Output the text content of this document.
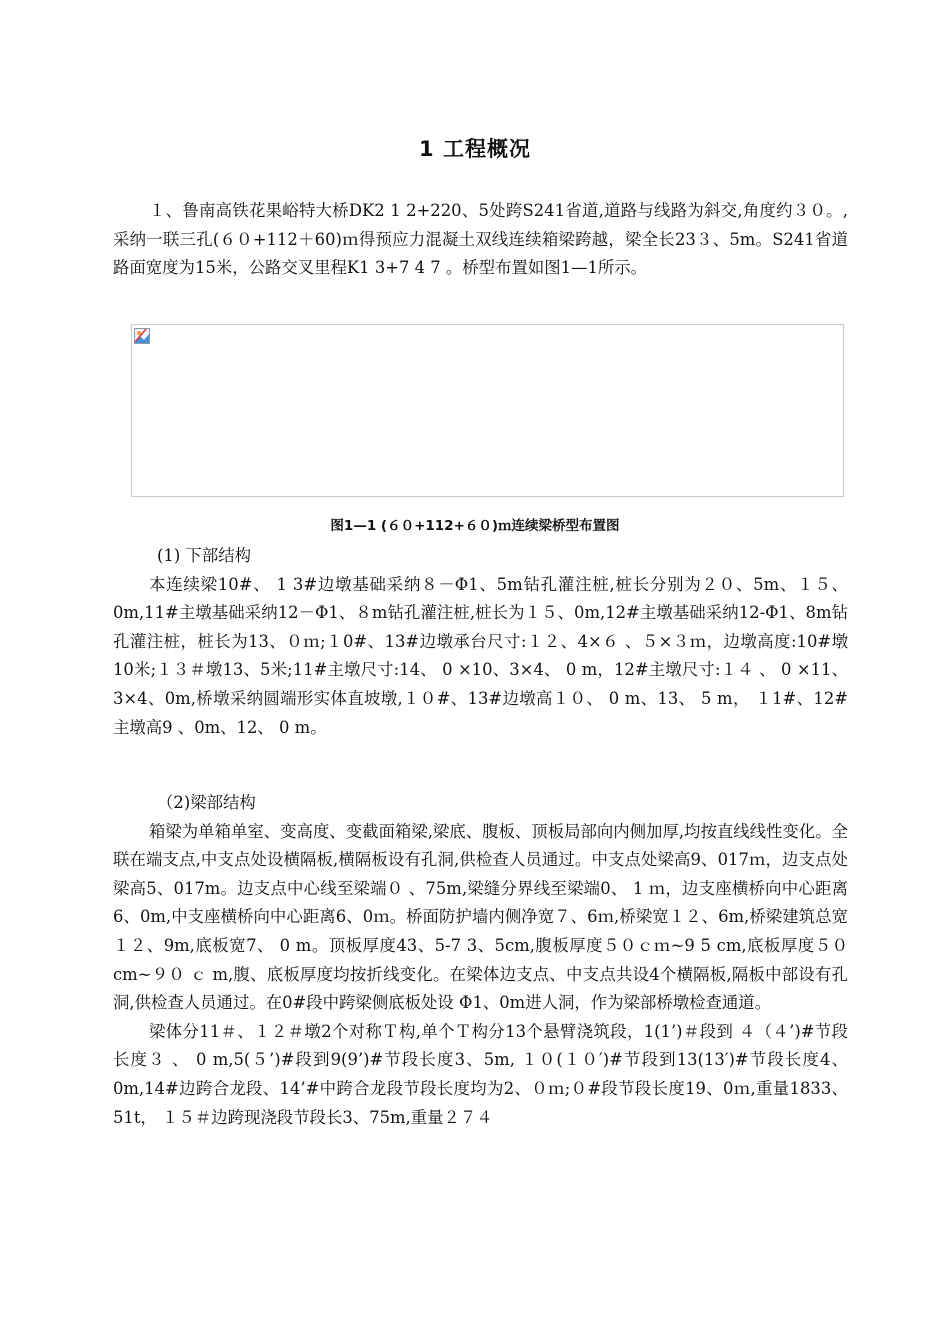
1 工程概况

１、鲁南高铁花果峪特大桥DK2 1 2+220、5处跨S241省道,道路与线路为斜交,角度约３０。,采纳一联三孔(６０+112＋60)ｍ得预应力混凝土双线连续箱梁跨越，梁全长23３、5m。S241省道路面宽度为15米，公路交叉里程K1 3+7 4 7 。桥型布置如图1—1所示。

图1—1 (６０+112+６０)ｍ连续梁桥型布置图

(1) 下部结构

本连续梁10#、 1 3#边墩基础采纳８－Φ1、5m钻孔灌注桩,桩长分别为２０、5m、１５、0m,11#主墩基础采纳12－Φ1、８m钻孔灌注桩,桩长为１５、0m,12#主墩基础采纳12-Φ1、8m钻孔灌注桩，桩长为13、０ｍ;１0#、13#边墩承台尺寸:１２、4×６ 、５×３ｍ，边墩高度:10#墩10米;１３＃墩13、5米;11#主墩尺寸:14、 0 ×10、3×4、 0 m，12#主墩尺寸:１４ 、 0 ×11、3×4、0m,桥墩采纳圆端形实体直坡墩,１０#、13#边墩高１０、 0 m、13、 5 m， １1#、12#主墩高9 、0m、12、 0 m。

（2)梁部结构

箱梁为单箱单室、变高度、变截面箱梁,梁底、腹板、顶板局部向内侧加厚,均按直线线性变化。全联在端支点,中支点处设横隔板,横隔板设有孔洞,供检查人员通过。中支点处梁高9、017ｍ，边支点处梁高5、017m。边支点中心线至梁端０ 、75m,梁缝分界线至梁端0、 1 ｍ，边支座横桥向中心距离6、0m,中支座横桥向中心距离6、0ｍ。桥面防护墙内侧净宽７、6ｍ,桥梁宽１２、6m,桥梁建筑总宽１２、9m,底板宽7、 0 m。顶板厚度43、5-7 3、5cm,腹板厚度５０ｃｍ~9 5 cm,底板厚度５０ cm~９０ ｃ m,腹、底板厚度均按折线变化。在梁体边支点、中支点共设4个横隔板,隔板中部设有孔洞,供检查人员通过。在0#段中跨梁侧底板处设 Φ1、0m进人洞，作为梁部桥墩检查通道。

梁体分11＃、１２＃墩2个对称Ｔ构,单个Ｔ构分13个悬臂浇筑段，1(1’)＃段到 ４（４’)#节段长度３ 、 0 m,5(５’)#段到9(9’)#节段长度3、5m, １０(１０′)#节段到13(13′)#节段长度4、0m,14#边跨合龙段、14’#中跨合龙段节段长度均为2、０ｍ;０#段节段长度19、0ｍ,重量1833、51t， １５＃边跨现浇段节段长3、75m,重量２７４
